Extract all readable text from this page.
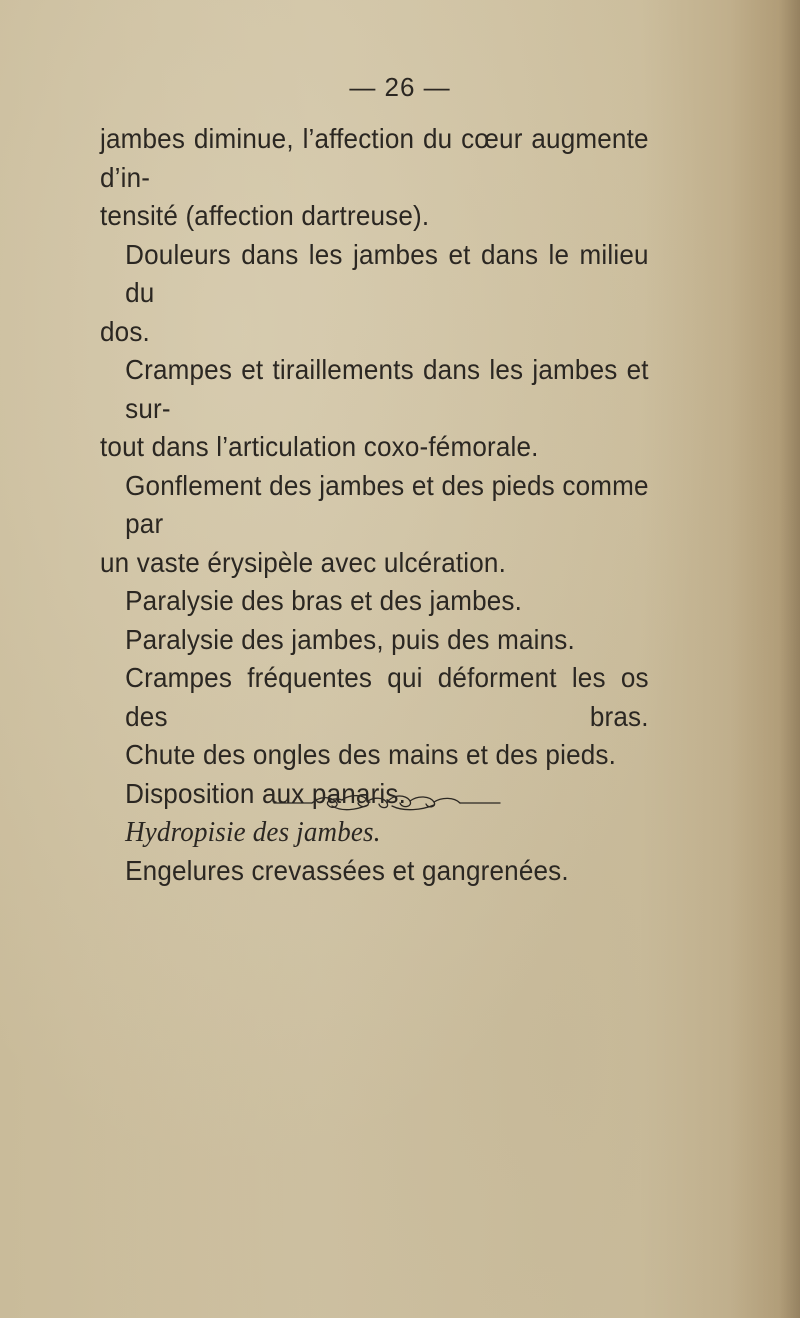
— 26 —

jambes diminue, l’affection du cœur augmente d’in-

tensité (affection dartreuse).

Douleurs dans les jambes et dans le milieu du

dos.

Crampes et tiraillements dans les jambes et sur-

tout dans l’articulation coxo-fémorale.

Gonflement des jambes et des pieds comme par

un vaste érysipèle avec ulcération.

Paralysie des bras et des jambes.

Paralysie des jambes, puis des mains.

Crampes fréquentes qui déforment les os des bras.

Chute des ongles des mains et des pieds.

Disposition aux panaris.

Hydropisie des jambes.

Engelures crevassées et gangrenées.
